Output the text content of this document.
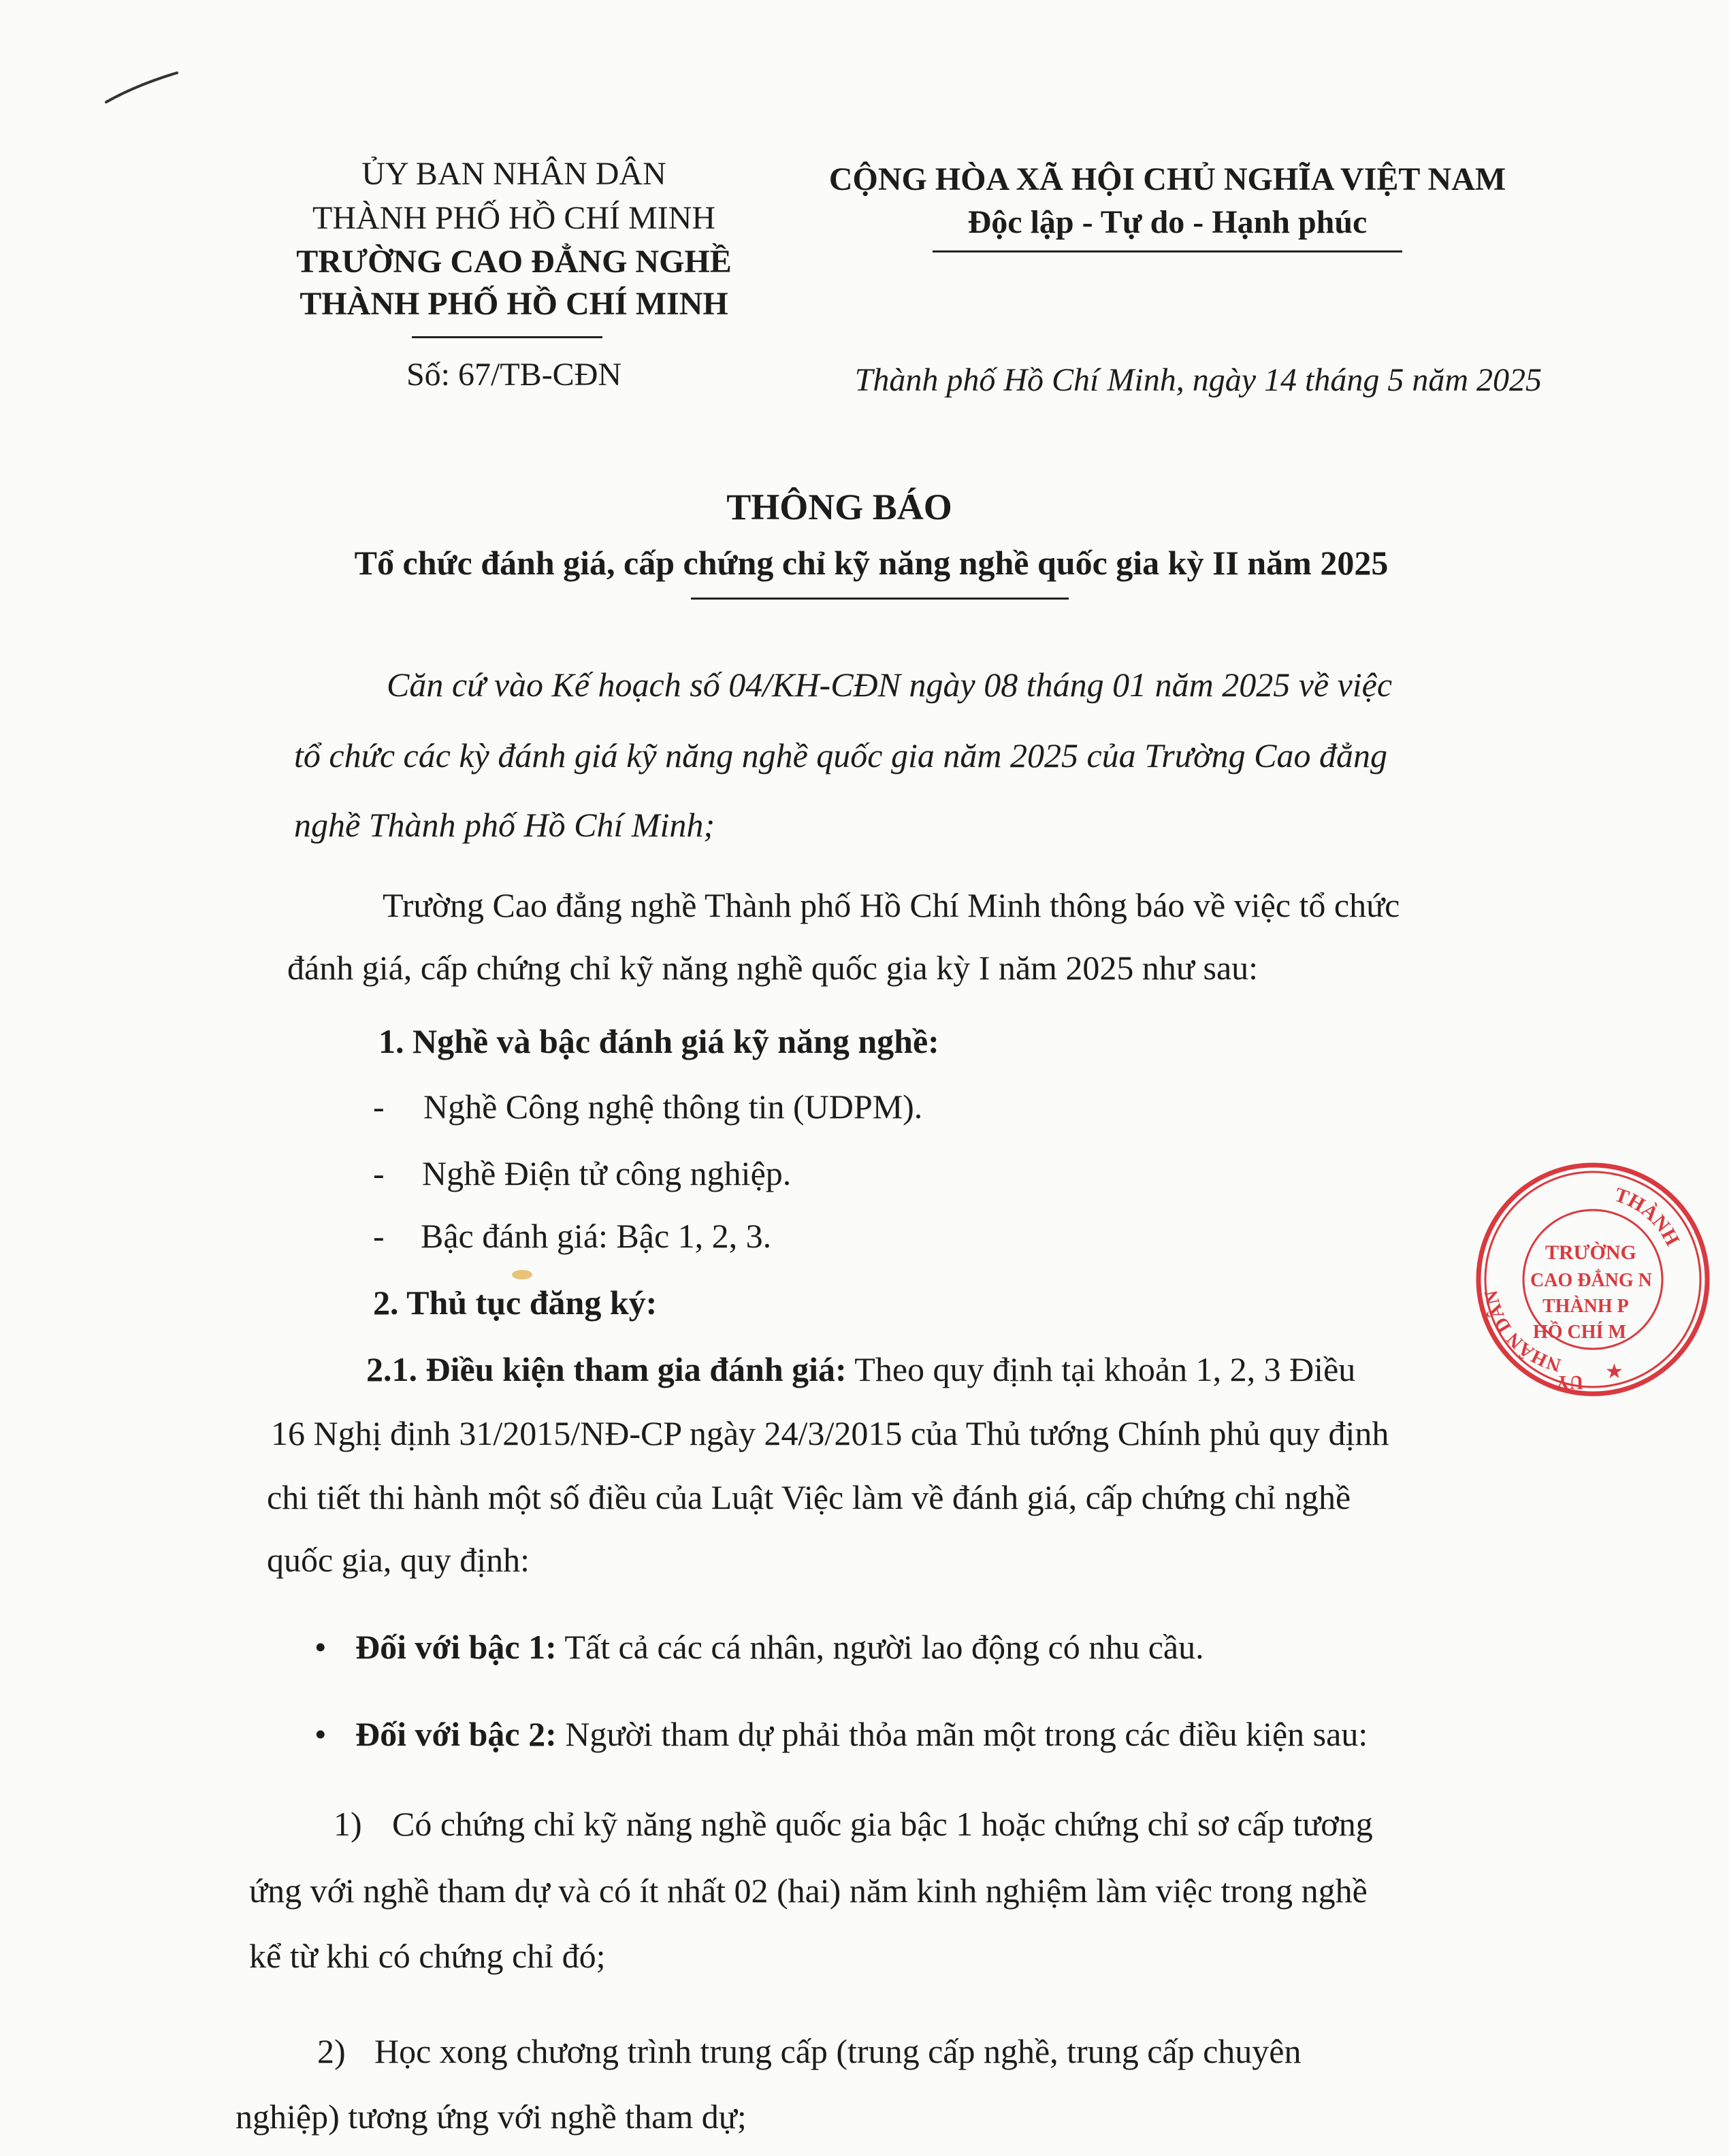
ỦY BAN NHÂN DÂN
THÀNH PHỐ HỒ CHÍ MINH
TRƯỜNG CAO ĐẲNG NGHỀ
THÀNH PHỐ HỒ CHÍ MINH
Số: 67/TB-CĐN
CỘNG HÒA XÃ HỘI CHỦ NGHĨA VIỆT NAM
Độc lập - Tự do - Hạnh phúc
Thành phố Hồ Chí Minh, ngày 14 tháng 5 năm 2025
THÔNG BÁO
Tổ chức đánh giá, cấp chứng chỉ kỹ năng nghề quốc gia kỳ II năm 2025
Căn cứ vào Kế hoạch số 04/KH-CĐN ngày 08 tháng 01 năm 2025 về việc
tổ chức các kỳ đánh giá kỹ năng nghề quốc gia năm 2025 của Trường Cao đẳng
nghề Thành phố Hồ Chí Minh;
Trường Cao đẳng nghề Thành phố Hồ Chí Minh thông báo về việc tổ chức
đánh giá, cấp chứng chỉ kỹ năng nghề quốc gia kỳ I năm 2025 như sau:
1. Nghề và bậc đánh giá kỹ năng nghề:
- Nghề Công nghệ thông tin (UDPM).
- Nghề Điện tử công nghiệp.
- Bậc đánh giá: Bậc 1, 2, 3.
2. Thủ tục đăng ký:
2.1. Điều kiện tham gia đánh giá: Theo quy định tại khoản 1, 2, 3 Điều
16 Nghị định 31/2015/NĐ-CP ngày 24/3/2015 của Thủ tướng Chính phủ quy định
chi tiết thi hành một số điều của Luật Việc làm về đánh giá, cấp chứng chỉ nghề
quốc gia, quy định:
• Đối với bậc 1: Tất cả các cá nhân, người lao động có nhu cầu.
• Đối với bậc 2: Người tham dự phải thỏa mãn một trong các điều kiện sau:
1) Có chứng chỉ kỹ năng nghề quốc gia bậc 1 hoặc chứng chỉ sơ cấp tương
ứng với nghề tham dự và có ít nhất 02 (hai) năm kinh nghiệm làm việc trong nghề
kể từ khi có chứng chỉ đó;
2) Học xong chương trình trung cấp (trung cấp nghề, trung cấp chuyên
nghiệp) tương ứng với nghề tham dự;
THÀNH
NHÂN DÂN
UY ★
TRƯỜNG
CAO ĐẲNG N
THÀNH P
HỒ CHÍ M
